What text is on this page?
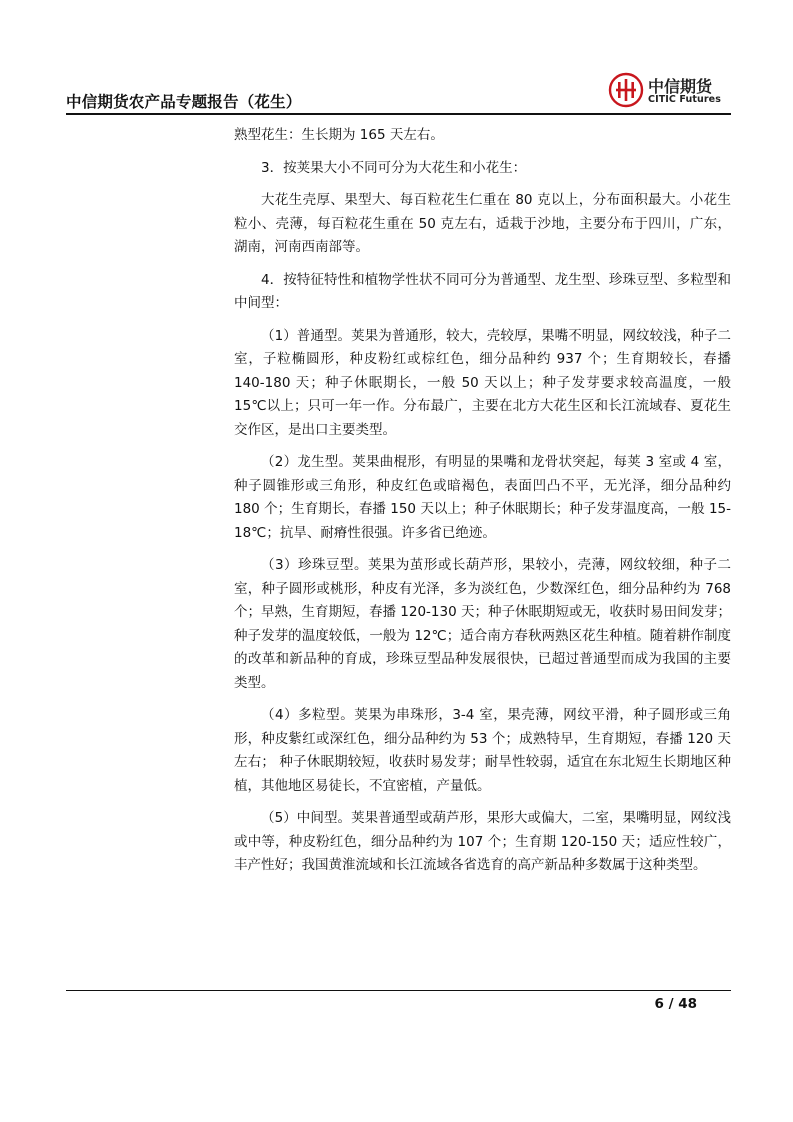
中信期货农产品专题报告（花生）
中信期货
CITIC Futures

熟型花生：生长期为 165 天左右。

3．按荚果大小不同可分为大花生和小花生：

大花生壳厚、果型大、每百粒花生仁重在 80 克以上，分布面积最大。小花生粒小、壳薄，每百粒花生重在 50 克左右，适栽于沙地，主要分布于四川，广东，湖南，河南西南部等。

4．按特征特性和植物学性状不同可分为普通型、龙生型、珍珠豆型、多粒型和中间型：

（1）普通型。荚果为普通形，较大，壳较厚，果嘴不明显，网纹较浅，种子二室，子粒椭圆形，种皮粉红或棕红色，细分品种约 937 个；生育期较长，春播 140-180 天；种子休眠期长，一般 50 天以上；种子发芽要求较高温度，一般 15℃以上；只可一年一作。分布最广，主要在北方大花生区和长江流域春、夏花生交作区，是出口主要类型。

（2）龙生型。荚果曲棍形，有明显的果嘴和龙骨状突起，每荚 3 室或 4 室，种子圆锥形或三角形，种皮红色或暗褐色，表面凹凸不平，无光泽，细分品种约 180 个；生育期长，春播 150 天以上；种子休眠期长；种子发芽温度高，一般 15-18℃；抗旱、耐瘠性很强。许多省已绝迹。

（3）珍珠豆型。荚果为茧形或长葫芦形，果较小，壳薄，网纹较细，种子二室，种子圆形或桃形，种皮有光泽，多为淡红色，少数深红色，细分品种约为 768 个；早熟，生育期短，春播 120-130 天；种子休眠期短或无，收获时易田间发芽；种子发芽的温度较低，一般为 12℃；适合南方春秋两熟区花生种植。随着耕作制度的改革和新品种的育成，珍珠豆型品种发展很快，已超过普通型而成为我国的主要类型。

（4）多粒型。荚果为串珠形，3-4 室，果壳薄，网纹平滑，种子圆形或三角形，种皮紫红或深红色，细分品种约为 53 个；成熟特早，生育期短，春播 120 天左右； 种子休眠期较短，收获时易发芽；耐旱性较弱，适宜在东北短生长期地区种植，其他地区易徒长，不宜密植，产量低。

（5）中间型。荚果普通型或葫芦形，果形大或偏大，二室，果嘴明显，网纹浅或中等，种皮粉红色，细分品种约为 107 个；生育期 120-150 天；适应性较广，丰产性好；我国黄淮流域和长江流域各省选育的高产新品种多数属于这种类型。

6 / 48
